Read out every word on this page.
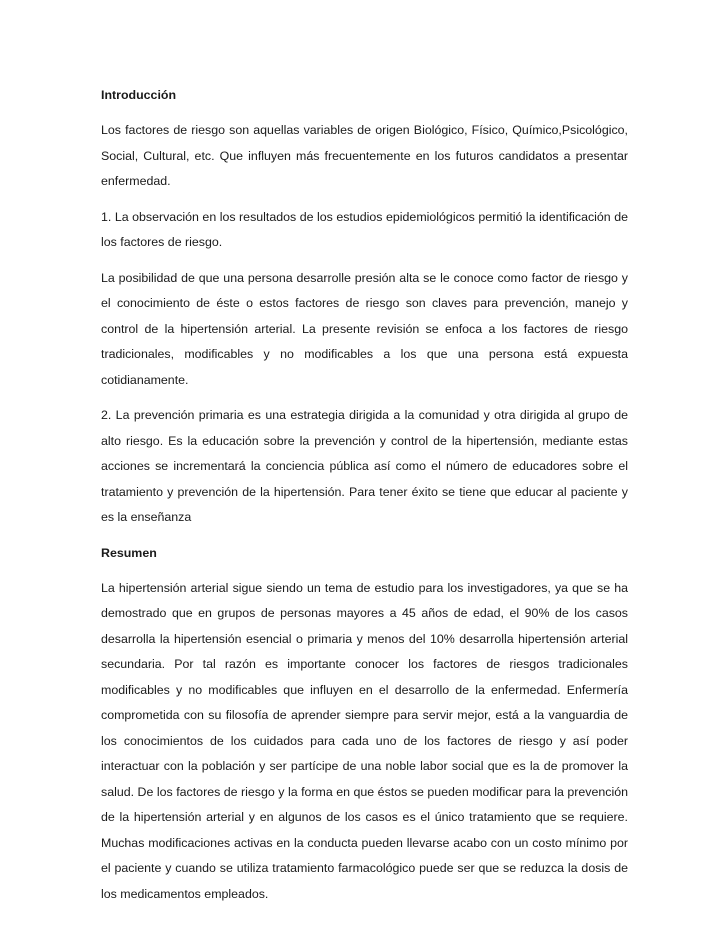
Introducción

Los factores de riesgo son aquellas variables de origen Biológico, Físico, Químico,Psicológico, Social, Cultural, etc. Que influyen más frecuentemente en los futuros candidatos a presentar enfermedad.

1. La observación en los resultados de los estudios epidemiológicos permitió la identificación de los factores de riesgo.

La posibilidad de que una persona desarrolle presión alta se le conoce como factor de riesgo y el conocimiento de éste o estos factores de riesgo son claves para prevención, manejo y control de la hipertensión arterial. La presente revisión se enfoca a los factores de riesgo tradicionales, modificables y no modificables a los que una persona está expuesta cotidianamente.

2. La prevención primaria es una estrategia dirigida a la comunidad y otra dirigida al grupo de alto riesgo. Es la educación sobre la prevención y control de la hipertensión, mediante estas acciones se incrementará la conciencia pública así como el número de educadores sobre el tratamiento y prevención de la hipertensión. Para tener éxito se tiene que educar al paciente y es la enseñanza

Resumen

La hipertensión arterial sigue siendo un tema de estudio para los investigadores, ya que se ha demostrado que en grupos de personas mayores a 45 años de edad, el 90% de los casos desarrolla la hipertensión esencial o primaria y menos del 10% desarrolla hipertensión arterial secundaria. Por tal razón es importante conocer los factores de riesgos tradicionales modificables y no modificables que influyen en el desarrollo de la enfermedad. Enfermería comprometida con su filosofía de aprender siempre para servir mejor, está a la vanguardia de los conocimientos de los cuidados para cada uno de los factores de riesgo y así poder interactuar con la población y ser partícipe de una noble labor social que es la de promover la salud. De los factores de riesgo y la forma en que éstos se pueden modificar para la prevención de la hipertensión arterial y en algunos de los casos es el único tratamiento que se requiere. Muchas modificaciones activas en la conducta pueden llevarse acabo con un costo mínimo por el paciente y cuando se utiliza tratamiento farmacológico puede ser que se reduzca la dosis de los medicamentos empleados.
